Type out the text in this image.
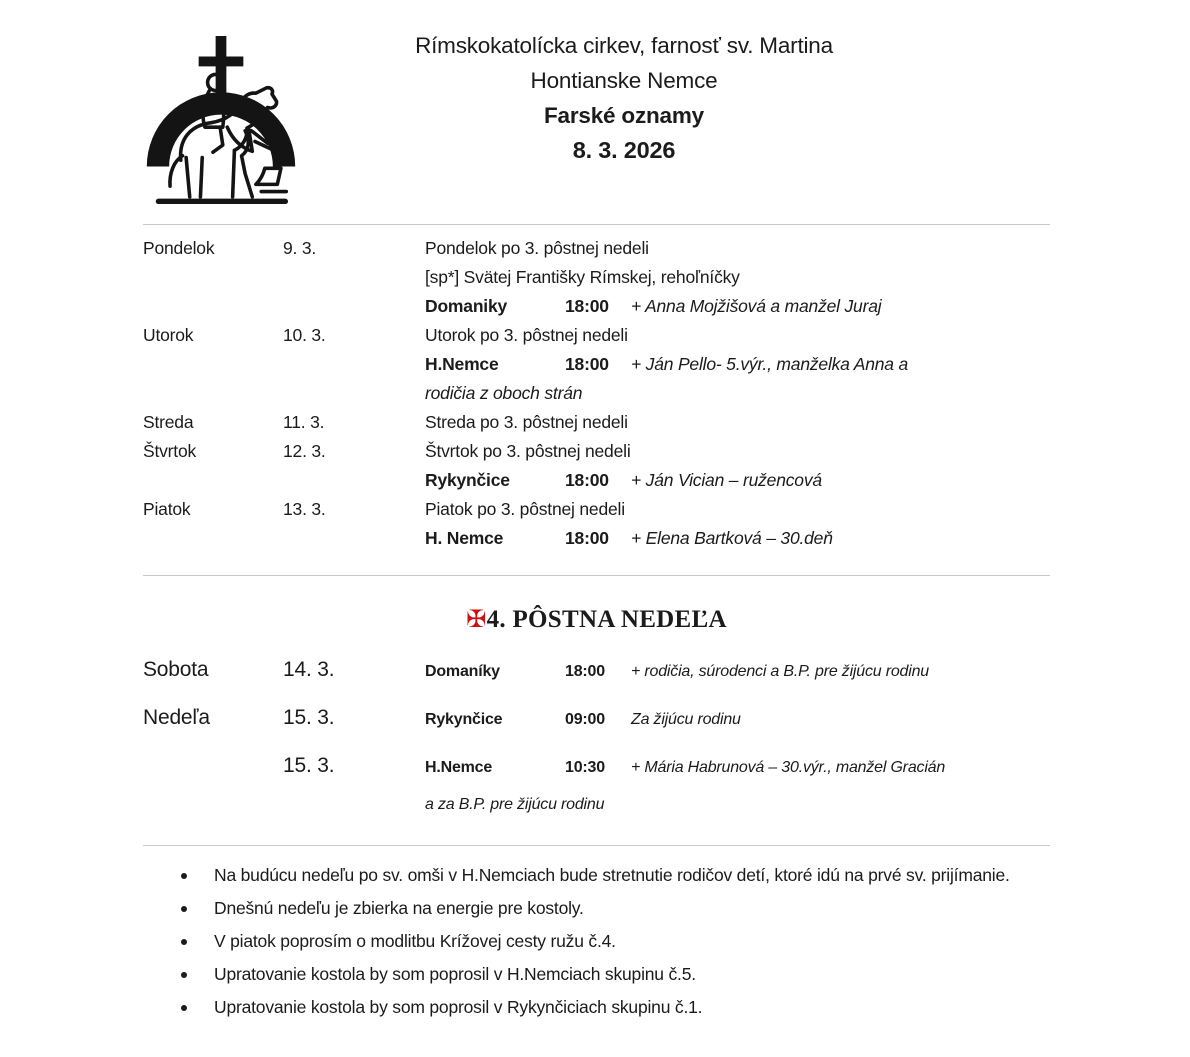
Rímskokatolícka cirkev, farnosť sv. Martina
Hontianske Nemce
Farské oznamy
8. 3. 2026
Pondelok	9. 3.	Pondelok po 3. pôstnej nedeli
[sp*] Svätej Františky Rímskej, rehoľníčky
Domaniky	18:00 + Anna Mojžišová a manžel Juraj
Utorok	10. 3.	Utorok po 3. pôstnej nedeli
H.Nemce	18:00 + Ján Pello- 5.výr., manželka Anna a
rodičia z oboch strán
Streda	11. 3.	Streda po 3. pôstnej nedeli
Štvrtok	12. 3.	Štvrtok po 3. pôstnej nedeli
Rykynčice	18:00 + Ján Vician – ružencová
Piatok	13. 3.	Piatok po 3. pôstnej nedeli
H. Nemce	18:00 + Elena Bartková – 30.deň
✠4. PÔSTNA NEDEĽA
Sobota	14. 3.	Domaníky	18:00	+ rodičia, súrodenci a B.P. pre žijúcu rodinu
Nedeľa	15. 3.	Rykynčice	09:00	Za žijúcu rodinu
15. 3.	H.Nemce	10:30	+ Mária Habrunová – 30.výr., manžel Gracián
a za B.P. pre žijúcu rodinu
Na budúcu nedeľu po sv. omši v H.Nemciach bude stretnutie rodičov detí, ktoré idú na prvé sv. prijímanie.
Dnešnú nedeľu je zbierka na energie pre kostoly.
V piatok poprosím o modlitbu Krížovej cesty ružu č.4.
Upratovanie kostola by som poprosil v H.Nemciach skupinu č.5.
Upratovanie kostola by som poprosil v Rykynčiciach skupinu č.1.
